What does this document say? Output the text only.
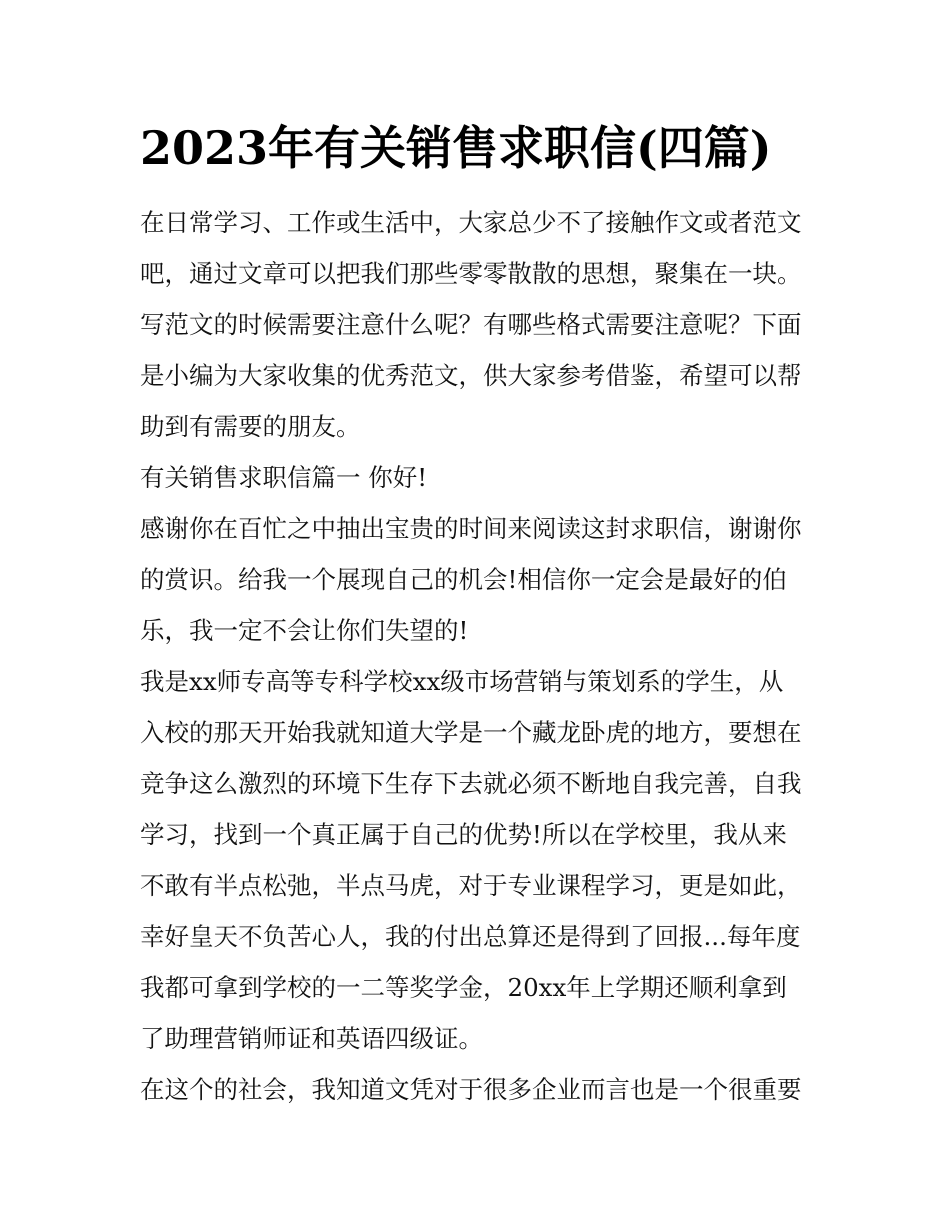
2023年有关销售求职信(四篇)
在日常学习、工作或生活中，大家总少不了接触作文或者范文
吧，通过文章可以把我们那些零零散散的思想，聚集在一块。
写范文的时候需要注意什么呢？有哪些格式需要注意呢？下面
是小编为大家收集的优秀范文，供大家参考借鉴，希望可以帮
助到有需要的朋友。
有关销售求职信篇一 你好!
感谢你在百忙之中抽出宝贵的时间来阅读这封求职信，谢谢你
的赏识。给我一个展现自己的机会!相信你一定会是最好的伯
乐，我一定不会让你们失望的!
我是xx师专高等专科学校xx级市场营销与策划系的学生，从
入校的那天开始我就知道大学是一个藏龙卧虎的地方，要想在
竞争这么激烈的环境下生存下去就必须不断地自我完善，自我
学习，找到一个真正属于自己的优势!所以在学校里，我从来
不敢有半点松弛，半点马虎，对于专业课程学习，更是如此，
幸好皇天不负苦心人，我的付出总算还是得到了回报...每年度
我都可拿到学校的一二等奖学金，20xx年上学期还顺利拿到
了助理营销师证和英语四级证。
在这个的社会，我知道文凭对于很多企业而言也是一个很重要
